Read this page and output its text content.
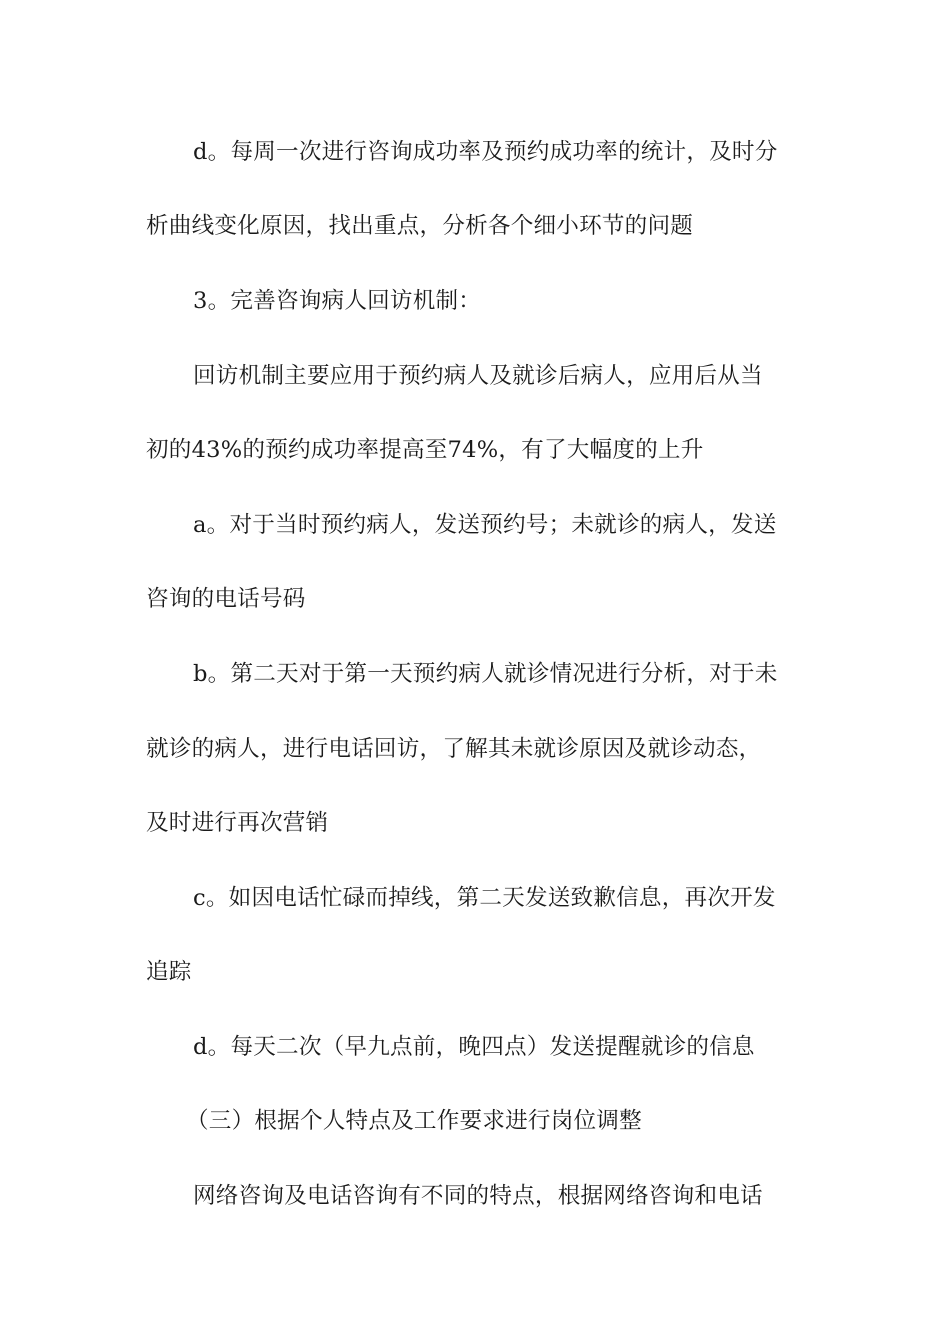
d。每周一次进行咨询成功率及预约成功率的统计，及时分
析曲线变化原因，找出重点，分析各个细小环节的问题
3。完善咨询病人回访机制：
回访机制主要应用于预约病人及就诊后病人，应用后从当
初的43%的预约成功率提高至74%，有了大幅度的上升
a。对于当时预约病人，发送预约号；未就诊的病人，发送
咨询的电话号码
b。第二天对于第一天预约病人就诊情况进行分析，对于未
就诊的病人，进行电话回访，了解其未就诊原因及就诊动态，
及时进行再次营销
c。如因电话忙碌而掉线，第二天发送致歉信息，再次开发
追踪
d。每天二次（早九点前，晚四点）发送提醒就诊的信息
（三）根据个人特点及工作要求进行岗位调整
网络咨询及电话咨询有不同的特点，根据网络咨询和电话
